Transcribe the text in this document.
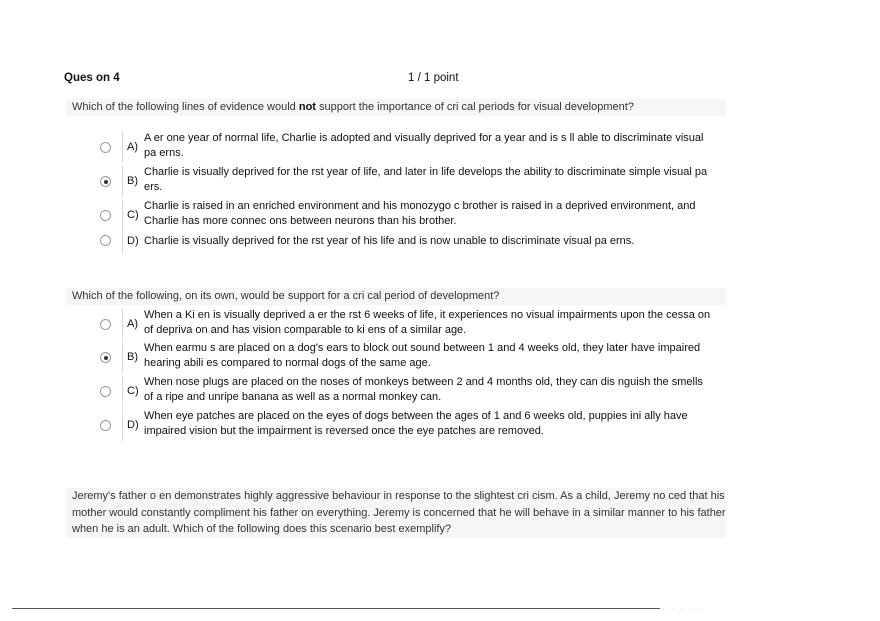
Ques on 4	1 / 1 point
Which of the following lines of evidence would not support the importance of cri cal periods for visual development?
A)
A er one year of normal life, Charlie is adopted and visually deprived for a year and is s ll able to discriminate visual pa erns.
B)
Charlie is visually deprived for the rst year of life, and later in life develops the ability to discriminate simple visual pa ers.
C)
Charlie is raised in an enriched environment and his monozygo c brother is raised in a deprived environment, and Charlie has more connec ons between neurons than his brother.
D) Charlie is visually deprived for the rst year of his life and is now unable to discriminate visual pa erns.
Which of the following, on its own, would be support for a cri cal period of development?
A)
When a Ki en is visually deprived a er the rst 6 weeks of life, it experiences no visual impairments upon the cessa on of depriva on and has vision comparable to ki ens of a similar age.
B)
When earmu s are placed on a dog's ears to block out sound between 1 and 4 weeks old, they later have impaired hearing abili es compared to normal dogs of the same age.
C)
When nose plugs are placed on the noses of monkeys between 2 and 4 months old, they can dis nguish the smells of a ripe and unripe banana as well as a normal monkey can.
D)
When eye patches are placed on the eyes of dogs between the ages of 1 and 6 weeks old, puppies ini ally have impaired vision but the impairment is reversed once the eye patches are removed.
Jeremy's father o en demonstrates highly aggressive behaviour in response to the slightest cri cism. As a child, Jeremy no ced that his mother would constantly compliment his father on everything. Jeremy is concerned that he will behave in a similar manner to his father when he is an adult. Which of the following does this scenario best exemplify?
· · · · ·
